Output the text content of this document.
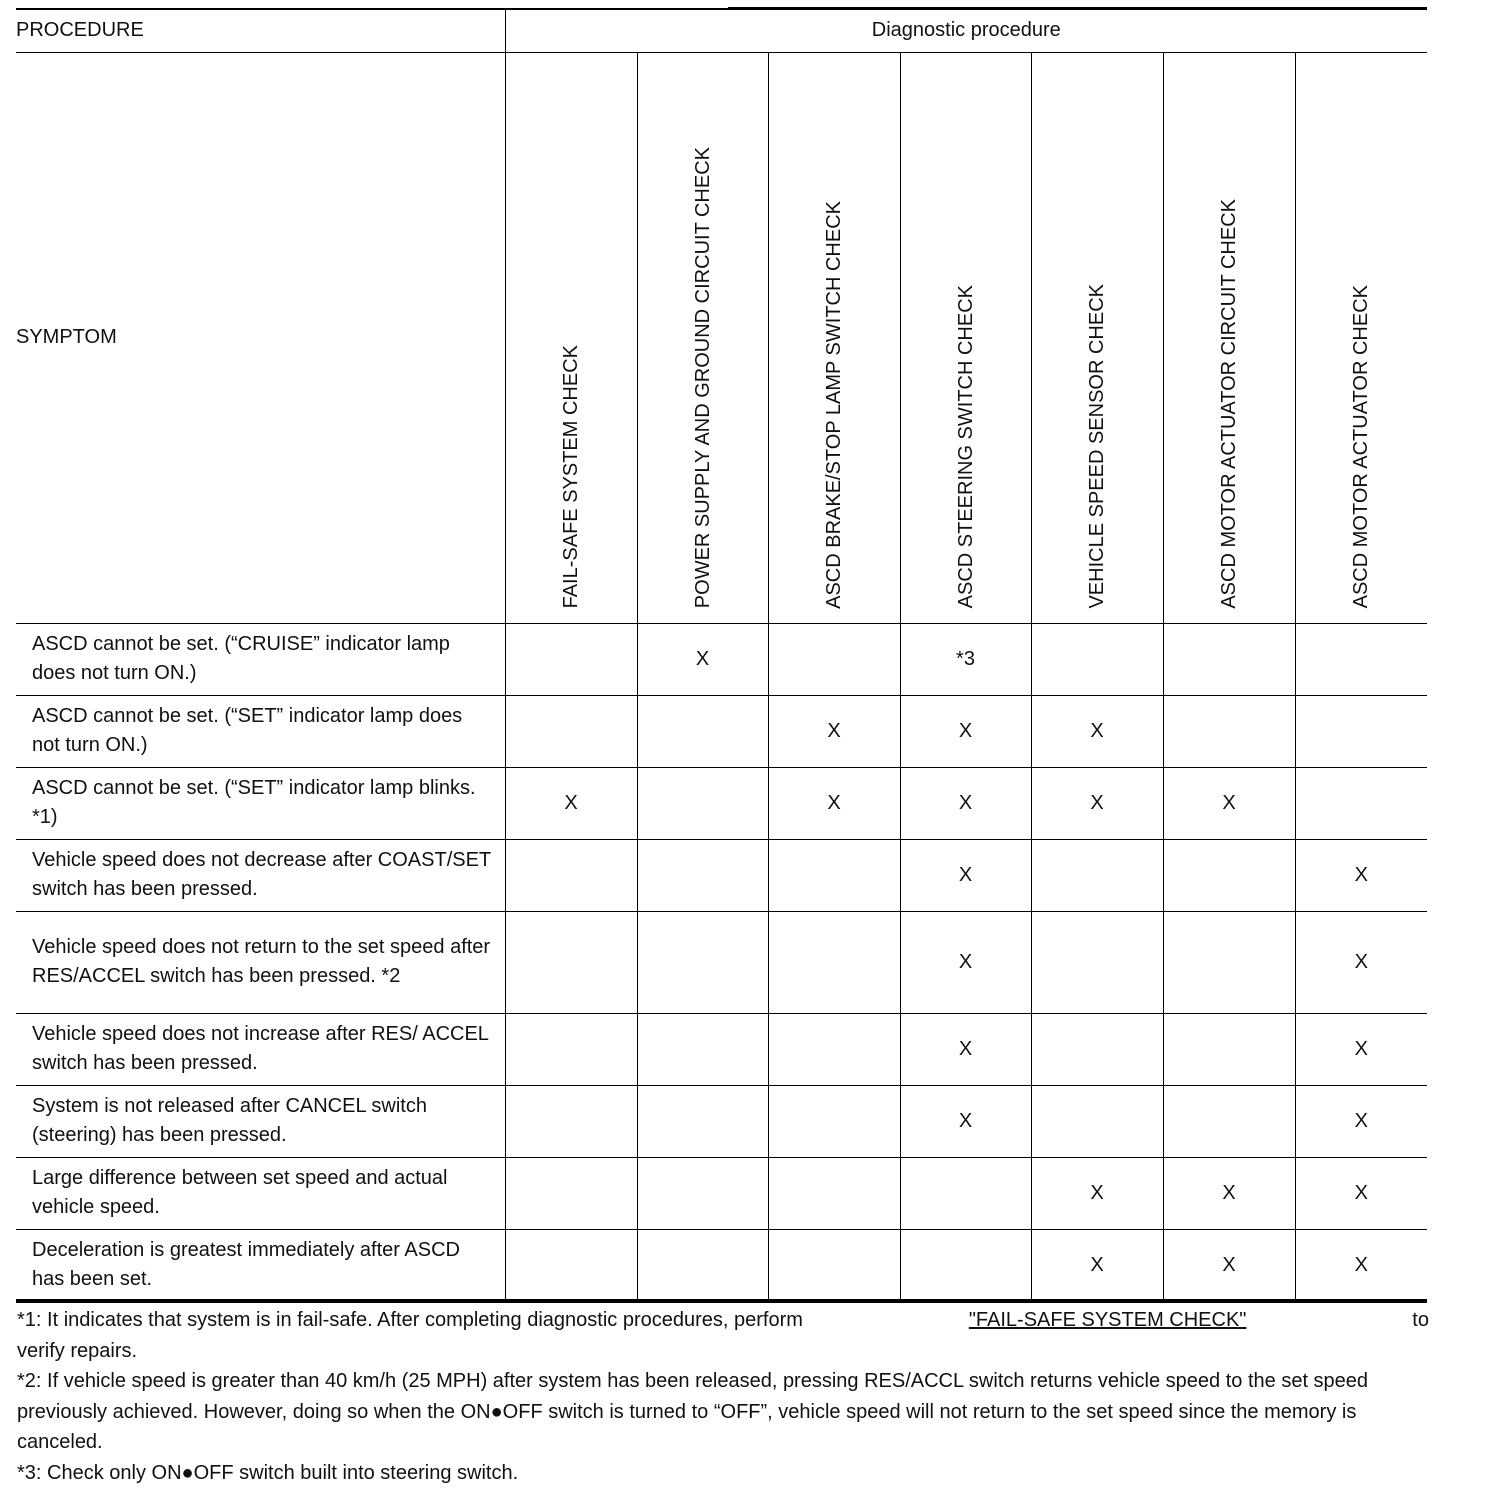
PROCEDURE	Diagnostic procedure						
SYMPTOM	FAIL-SAFE SYSTEM CHECK	POWER SUPPLY AND GROUND CIRCUIT CHECK	ASCD BRAKE/STOP LAMP SWITCH CHECK	ASCD STEERING SWITCH CHECK	VEHICLE SPEED SENSOR CHECK	ASCD MOTOR ACTUATOR CIRCUIT CHECK	ASCD MOTOR ACTUATOR CHECK

ASCD cannot be set. (“CRUISE” indicator lamp does not turn ON.)		X		*3			
ASCD cannot be set. (“SET” indicator lamp does not turn ON.)			X	X	X		
ASCD cannot be set. (“SET” indicator lamp blinks. *1)	X		X	X	X	X	
Vehicle speed does not decrease after COAST/SET switch has been pressed.				X			X
Vehicle speed does not return to the set speed after RES/ACCEL switch has been pressed. *2				X			X
Vehicle speed does not increase after RES/ ACCEL switch has been pressed.				X			X
System is not released after CANCEL switch (steering) has been pressed.				X			X
Large difference between set speed and actual vehicle speed.					X	X	X
Deceleration is greatest immediately after ASCD has been set.					X	X	X
*1: It indicates that system is in fail-safe. After completing diagnostic procedures, perform	"FAIL-SAFE SYSTEM CHECK"	to
verify repairs.
*2: If vehicle speed is greater than 40 km/h (25 MPH) after system has been released, pressing RES/ACCL switch returns vehicle speed to the set speed previously achieved. However, doing so when the ON●OFF switch is turned to “OFF”, vehicle speed will not return to the set speed since the memory is canceled.
*3: Check only ON●OFF switch built into steering switch.
